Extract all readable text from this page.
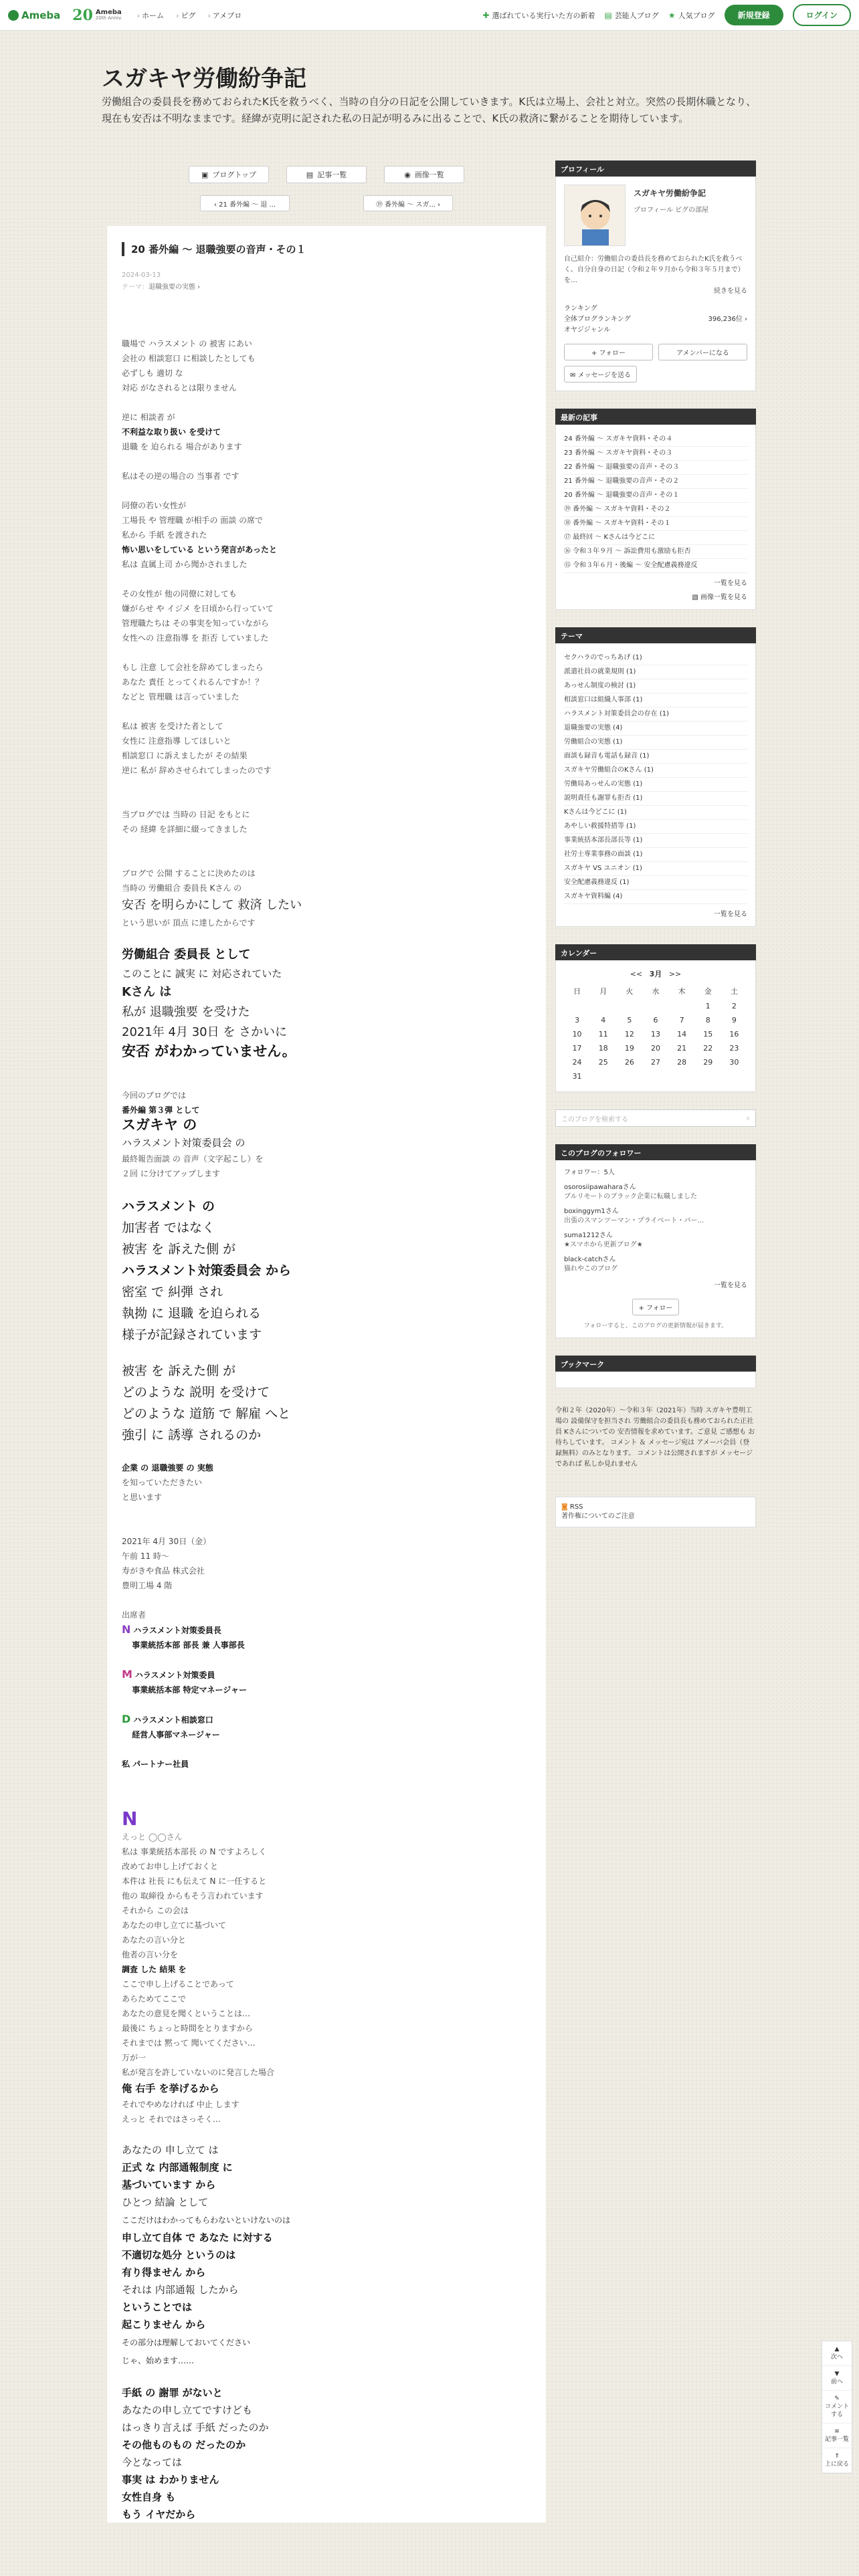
Ameba 20 Ameba
20th Anniv. › ホーム › ピグ › アメブロ	✚ 選ばれている実行いた方の新着 ▤ 芸能人ブログ ★ 人気ブログ	新規登録	ログイン
スガキヤ労働紛争記
労働組合の委員長を務めておられたK氏を救うべく、当時の自分の日記を公開していきます。K氏は立場上、会社と対立。突然の長期休職となり、現在も安否は不明なままです。経緯が克明に記された私の日記が明るみに出ることで、K氏の救済に繋がることを期待しています。
▣ ブログトップ	▤ 記事一覧	◉ 画像一覧
‹ 21 番外編 〜 退 ...	⑲ 番外編 〜 スガ... ›
20 番外編 〜 退職強要の音声・その１
2024-03-13
テーマ：退職強要の実態 ›

職場で ハラスメント の 被害 にあい
会社の 相談窓口 に相談したとしても
必ずしも 適切 な
対応 がなされるとは限りません

逆に 相談者 が
不利益な取り扱い を受けて
退職 を 迫られる 場合があります

私はその逆の場合の 当事者 です

同僚の若い女性が
工場長 や 管理職 が相手の 面談 の席で
私から 手紙 を渡された
怖い思いをしている という発言があったと
私は 直属上司 から聞かされました

その女性が 他の同僚に対しても
嫌がらせ や イジメ を日頃から行っていて
管理職たちは その事実を知っていながら
女性への 注意指導 を 拒否 していました

もし 注意 して会社を辞めてしまったら
あなた 責任 とってくれるんですか！？
などと 管理職 は言っていました

私は 被害 を受けた者として
女性に 注意指導 してほしいと
相談窓口 に訴えましたが その結果
逆に 私が 辞めさせられてしまったのです

当ブログでは 当時の 日記 をもとに
その 経緯 を詳細に綴ってきました

ブログで 公開 することに決めたのは
当時の 労働組合 委員長 Kさん の
安否 を明らかにして 救済 したい
という思いが 頂点 に達したからです

労働組合 委員長 として
このことに 誠実 に 対応されていた
Kさん は
私が 退職強要 を受けた
2021年 4月 30日 を さかいに
安否 がわかっていません。

今回のブログでは
番外編 第３弾 として
スガキヤ の
ハラスメント対策委員会 の
最終報告面談 の 音声（文字起こし）を
２回 に分けてアップします

ハラスメント の
加害者 ではなく
被害 を 訴えた側 が
ハラスメント対策委員会 から
密室 で 糾弾 され
執拗 に 退職 を迫られる
様子が記録されています

被害 を 訴えた側 が
どのような 説明 を受けて
どのような 道筋 で 解雇 へと
強引 に 誘導 されるのか

企業 の 退職強要 の 実態
を知っていただきたい
と思います

2021年 4月 30日（金）
午前 11 時〜
寿がきや食品 株式会社
豊明工場 4 階

出席者
N ハラスメント対策委員長
事業統括本部 部長 兼 人事部長

M ハラスメント対策委員
事業統括本部 特定マネージャー

D ハラスメント相談窓口
経営人事部マネージャー

私 パートナー社員

N
えっと ◯◯さん
私は 事業統括本部長 の N ですよろしく
改めてお申し上げておくと
本件は 社長 にも伝えて N に一任すると
他の 取締役 からもそう言われています
それから この会は
あなたの申し立てに基づいて
あなたの言い分と
他者の言い分を
調査 した 結果 を
ここで申し上げることであって
あらためてここで
あなたの意見を聞くということは…
最後に ちょっと時間をとりますから
それまでは 黙って 聞いてください…
万が一
私が発言を許していないのに発言した場合
俺 右手 を挙げるから
それでやめなければ 中止 します
えっと それではさっそく…

あなたの 申し立て は
正式 な 内部通報制度 に
基づいています から
ひとつ 結論 として
ここだけはわかってもらわないといけないのは
申し立て自体 で あなた に対する
不適切な処分 というのは
有り得ません から
それは 内部通報 したから
ということでは
起こりません から
その部分は理解しておいてください
じゃ、始めます……

手紙 の 謝罪 がないと
あなたの申し立てですけども
はっきり言えば 手紙 だったのか
その他ものもの だったのか
今となっては
事実 は わかりません
女性自身 も
もう イヤだから

プロフィール
スガキヤ労働紛争記
プロフィール ピグの部屋
自己紹介：労働組合の委員長を務めておられたK氏を救うべく、自分自身の日記（令和２年９月から令和３年５月まで）を…
続きを見る
ランキング
全体ブログランキング	396,236位 ›
オヤジジャンル
+ フォロー	アメンバーになる
✉ メッセージを送る
最新の記事
24 番外編 〜 スガキヤ資料・その４
23 番外編 〜 スガキヤ資料・その３
22 番外編 〜 退職強要の音声・その３
21 番外編 〜 退職強要の音声・その２
20 番外編 〜 退職強要の音声・その１
⑲ 番外編 〜 スガキヤ資料・その２
⑱ 番外編 〜 スガキヤ資料・その１
⑰ 最終回 〜 Kさんは今どこに
⑯ 令和３年９月 〜 訴訟費用も激励も拒否
⑮ 令和３年６月・後編 〜 安全配慮義務違反
一覧を見る
▧ 画像一覧を見る
テーマ
セクハラのでっちあげ (1)
派遣社員の就業規則 (1)
あっせん制度の検討 (1)
相談窓口は組織人事部 (1)
ハラスメント対策委員会の存在 (1)
退職強要の実態 (4)
労働組合の実態 (1)
面談も録音も電話も録音 (1)
スガキヤ労働組合のKさん (1)
労働局あっせんの実態 (1)
説明責任も謝罪も拒否 (1)
Kさんは今どこに (1)
あやしい救援特措等 (1)
事業統括本部長部長等 (1)
社労士専業事務の面談 (1)
スガキヤ VS ユニオン (1)
安全配慮義務違反 (1)
スガキヤ資料編 (4)
一覧を見る
カレンダー
<< 3月 >>
日	月	火	水	木	金	土
					1	2
3	4	5	6	7	8	9
10	11	12	13	14	15	16
17	18	19	20	21	22	23
24	25	26	27	28	29	30
31						
このブログを検索する	⌕
このブログのフォロワー
フォロワー：5人
osorosiipawaharaさん
ブルリモートのブラック企業に転職しました
boxinggym1さん
出張のスマンツーマン・プライベート・パー...
suma1212さん
★スマホから更新ブログ★
black-catchさん
猫れやこのブログ
一覧を見る
+ フォロー
フォローすると、このブログの更新情報が届きます。
ブックマーク
令和２年（2020年）〜令和３年（2021年）当時 スガキヤ豊明工場の 設備保守を担当され 労働組合の委員長も務めておられた正社員 Kさんについての 安否情報を求めています。ご意見 ご感想も お待ちしています。 コメント ＆ メッセージ宛は アメーバ会員（登録無料）のみとなります。 コメントは公開されますが メッセージであれば 私しか見れません
◙ RSS
著作権についてのご注意
▲
次へ
▼
前へ
✎
コメントする
≡
記事一覧
⇑
上に戻る
